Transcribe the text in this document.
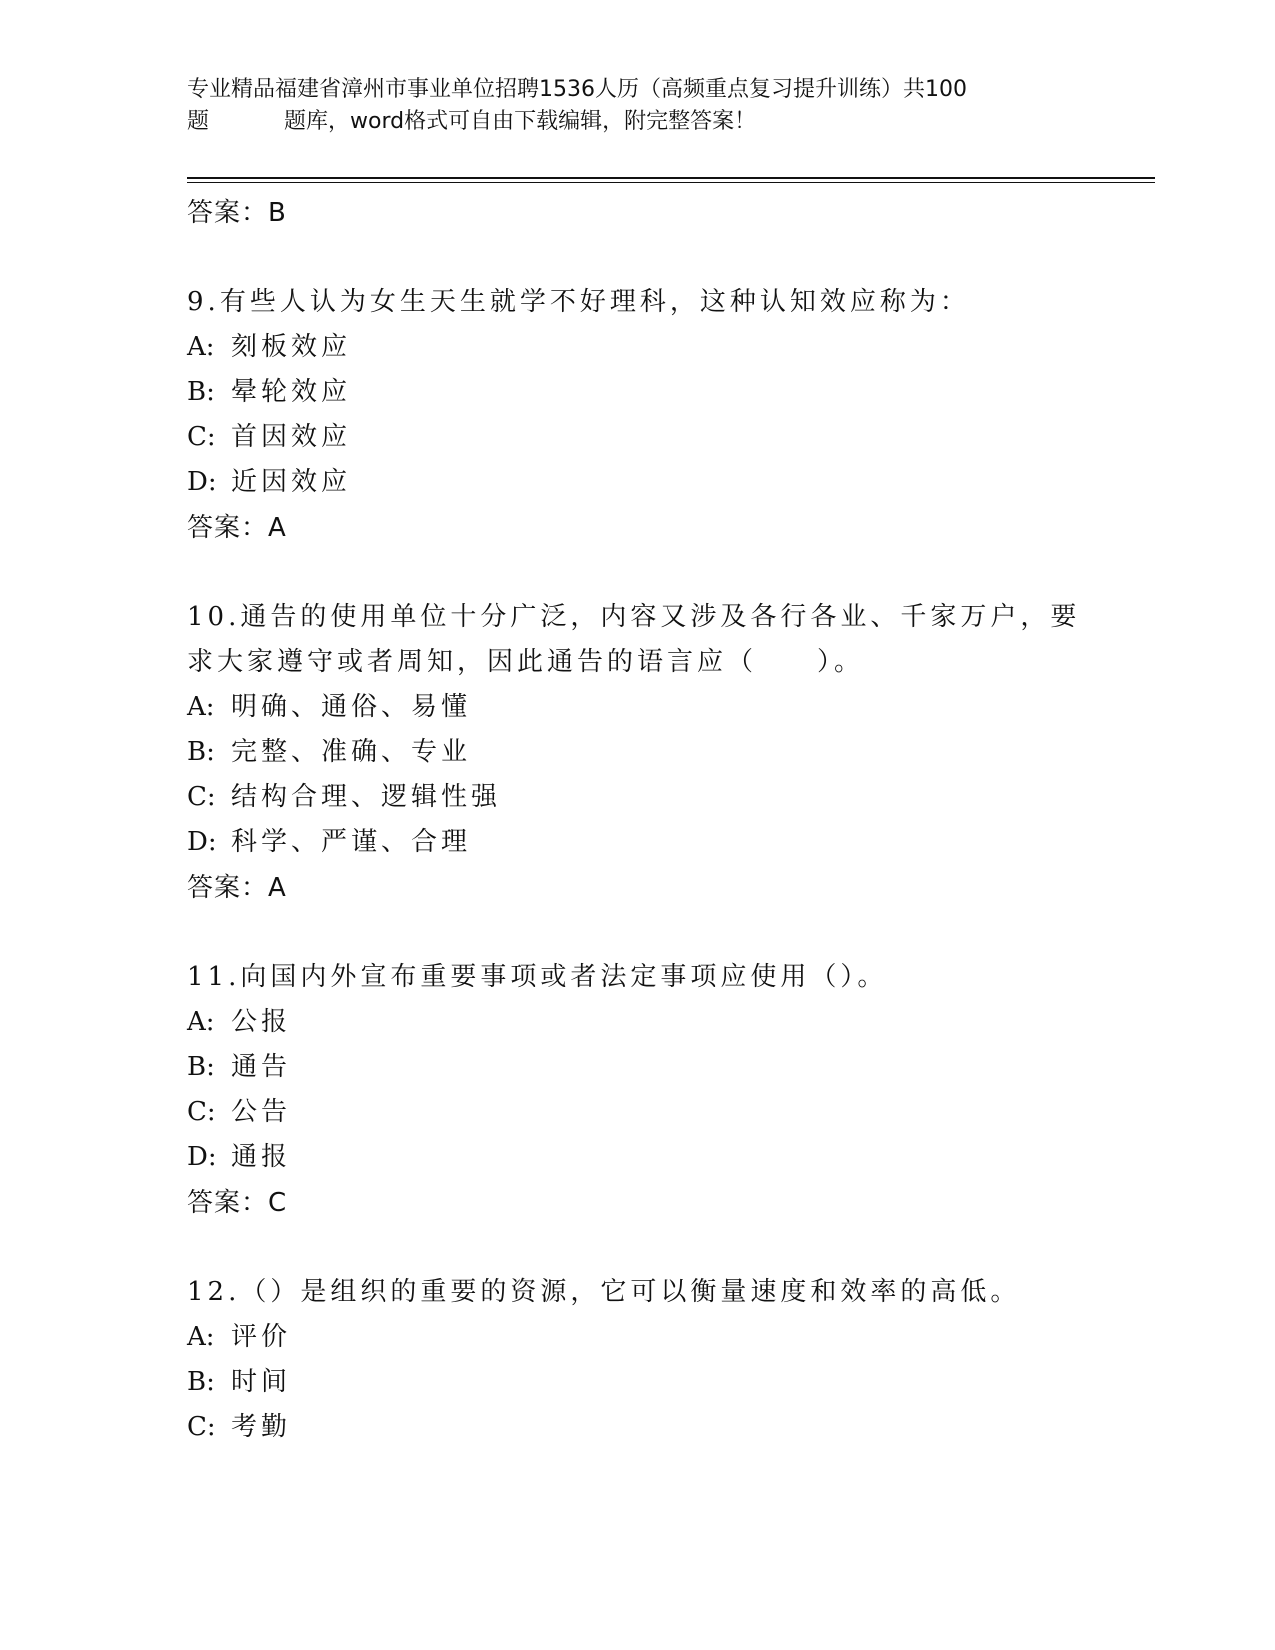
专业精品福建省漳州市事业单位招聘1536人历（高频重点复习提升训练）共100
题	题库，word格式可自由下载编辑，附完整答案！
答案：B
9.有些人认为女生天生就学不好理科，这种认知效应称为：
A: 刻板效应
B: 晕轮效应
C: 首因效应
D: 近因效应
答案：A
10.通告的使用单位十分广泛，内容又涉及各行各业、千家万户，要求大家遵守或者周知，因此通告的语言应（　　）。
A: 明确、通俗、易懂
B: 完整、准确、专业
C: 结构合理、逻辑性强
D: 科学、严谨、合理
答案：A
11.向国内外宣布重要事项或者法定事项应使用（）。
A: 公报
B: 通告
C: 公告
D: 通报
答案：C
12.（）是组织的重要的资源，它可以衡量速度和效率的高低。
A: 评价
B: 时间
C: 考勤
